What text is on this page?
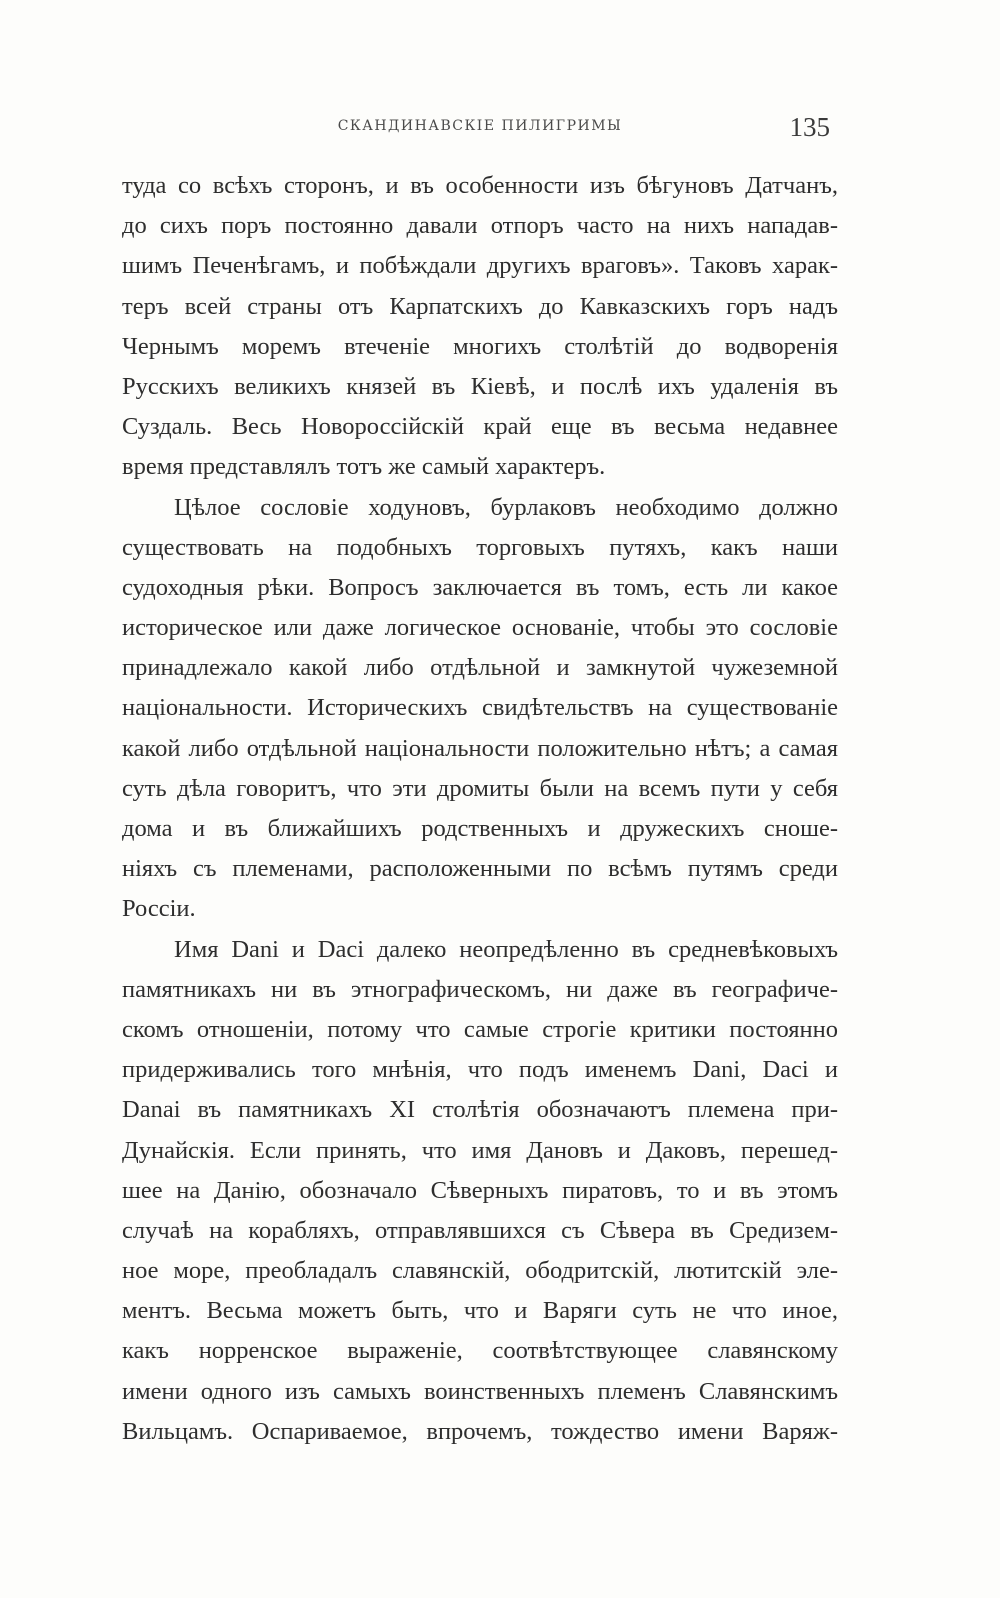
СКАНДИНАВСКІЕ ПИЛИГРИМЫ	135
туда со всѣхъ сторонъ, и въ особенности изъ бѣгуновъ Датчанъ,
до сихъ поръ постоянно давали отпоръ часто на нихъ нападав-
шимъ Печенѣгамъ, и побѣждали другихъ враговъ». Таковъ харак-
теръ всей страны отъ Карпатскихъ до Кавказскихъ горъ надъ
Чернымъ моремъ втеченіе многихъ столѣтій до водворенія
Русскихъ великихъ князей въ Кіевѣ, и послѣ ихъ удаленія въ
Суздаль. Весь Новороссійскій край еще въ весьма недавнее
время представлялъ тотъ же самый характеръ.
Цѣлое сословіе ходуновъ, бурлаковъ необходимо должно
существовать на подобныхъ торговыхъ путяхъ, какъ наши
судоходныя рѣки. Вопросъ заключается въ томъ, есть ли какое
историческое или даже логическое основаніе, чтобы это сословіе
принадлежало какой либо отдѣльной и замкнутой чужеземной
національности. Историческихъ свидѣтельствъ на существованіе
какой либо отдѣльной національности положительно нѣтъ; а самая
суть дѣла говоритъ, что эти дромиты были на всемъ пути у себя
дома и въ ближайшихъ родственныхъ и дружескихъ сноше-
ніяхъ съ племенами, расположенными по всѣмъ путямъ среди
Россіи.
Имя Dani и Daci далеко неопредѣленно въ средневѣковыхъ
памятникахъ ни въ этнографическомъ, ни даже въ географиче-
скомъ отношеніи, потому что самые строгіе критики постоянно
придерживались того мнѣнія, что подъ именемъ Dani, Daci и
Danai въ памятникахъ XI столѣтія обозначаютъ племена при-
Дунайскія. Если принять, что имя Дановъ и Даковъ, перешед-
шее на Данію, обозначало Сѣверныхъ пиратовъ, то и въ этомъ
случаѣ на корабляхъ, отправлявшихся съ Сѣвера въ Средизем-
ное море, преобладалъ славянскій, ободритскій, лютитскій эле-
ментъ. Весьма можетъ быть, что и Варяги суть не что иное,
какъ норренское выраженіе, соотвѣтствующее славянскому
имени одного изъ самыхъ воинственныхъ племенъ Славянскимъ
Вильцамъ. Оспариваемое, впрочемъ, тождество имени Варяж-
